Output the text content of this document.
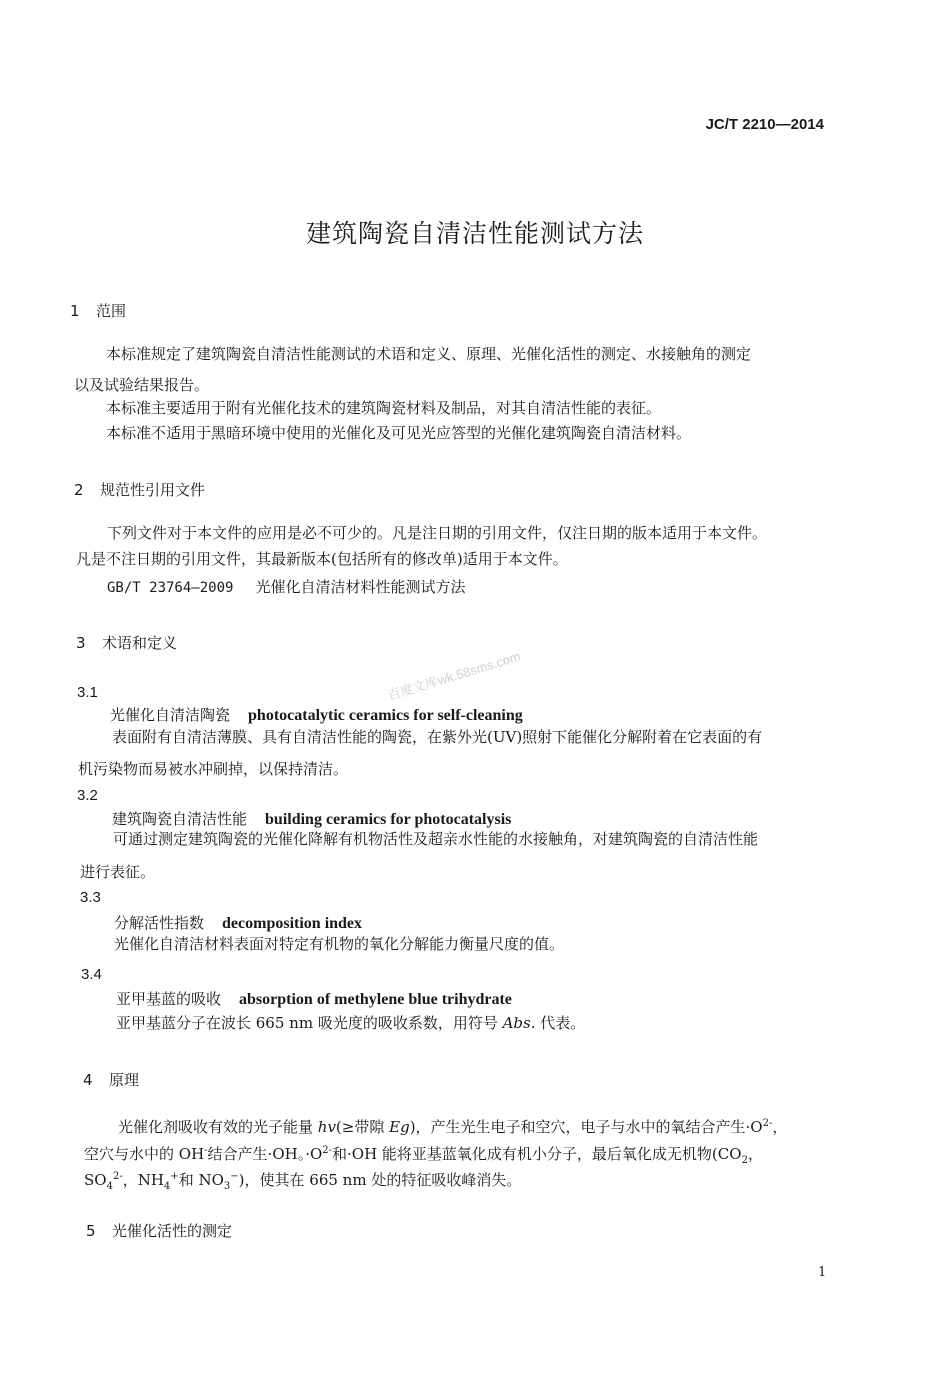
JC/T 2210—2014
建筑陶瓷自清洁性能测试方法
1 范围
本标准规定了建筑陶瓷自清洁性能测试的术语和定义、原理、光催化活性的测定、水接触角的测定
以及试验结果报告。
本标准主要适用于附有光催化技术的建筑陶瓷材料及制品，对其自清洁性能的表征。
本标准不适用于黑暗环境中使用的光催化及可见光应答型的光催化建筑陶瓷自清洁材料。
2 规范性引用文件
下列文件对于本文件的应用是必不可少的。凡是注日期的引用文件，仅注日期的版本适用于本文件。
凡是不注日期的引用文件，其最新版本(包括所有的修改单)适用于本文件。
GB/T 23764—2009 光催化自清洁材料性能测试方法
3 术语和定义
3.1
光催化自清洁陶瓷 photocatalytic ceramics for self-cleaning
表面附有自清洁薄膜、具有自清洁性能的陶瓷，在紫外光(UV)照射下能催化分解附着在它表面的有
机污染物而易被水冲刷掉，以保持清洁。
3.2
建筑陶瓷自清洁性能 building ceramics for photocatalysis
可通过测定建筑陶瓷的光催化降解有机物活性及超亲水性能的水接触角，对建筑陶瓷的自清洁性能
进行表征。
3.3
分解活性指数 decomposition index
光催化自清洁材料表面对特定有机物的氧化分解能力衡量尺度的值。
3.4
亚甲基蓝的吸收 absorption of methylene blue trihydrate
亚甲基蓝分子在波长 665 nm 吸光度的吸收系数，用符号 Abs. 代表。
4 原理
光催化剂吸收有效的光子能量 hv(≥带隙 Eg)，产生光生电子和空穴，电子与水中的氧结合产生$\cdot O^{2-}$，
空穴与水中的 OH-结合产生·OH。$\cdot O^{2-}$和·OH 能将亚基蓝氧化成有机小分子，最后氧化成无机物($CO_2$，
$SO_4^{2-}$，$NH_4^+$和 $NO_3^-$)，使其在 665 nm 处的特征吸收峰消失。
5 光催化活性的测定
百度文库wk.58sms.com
1
